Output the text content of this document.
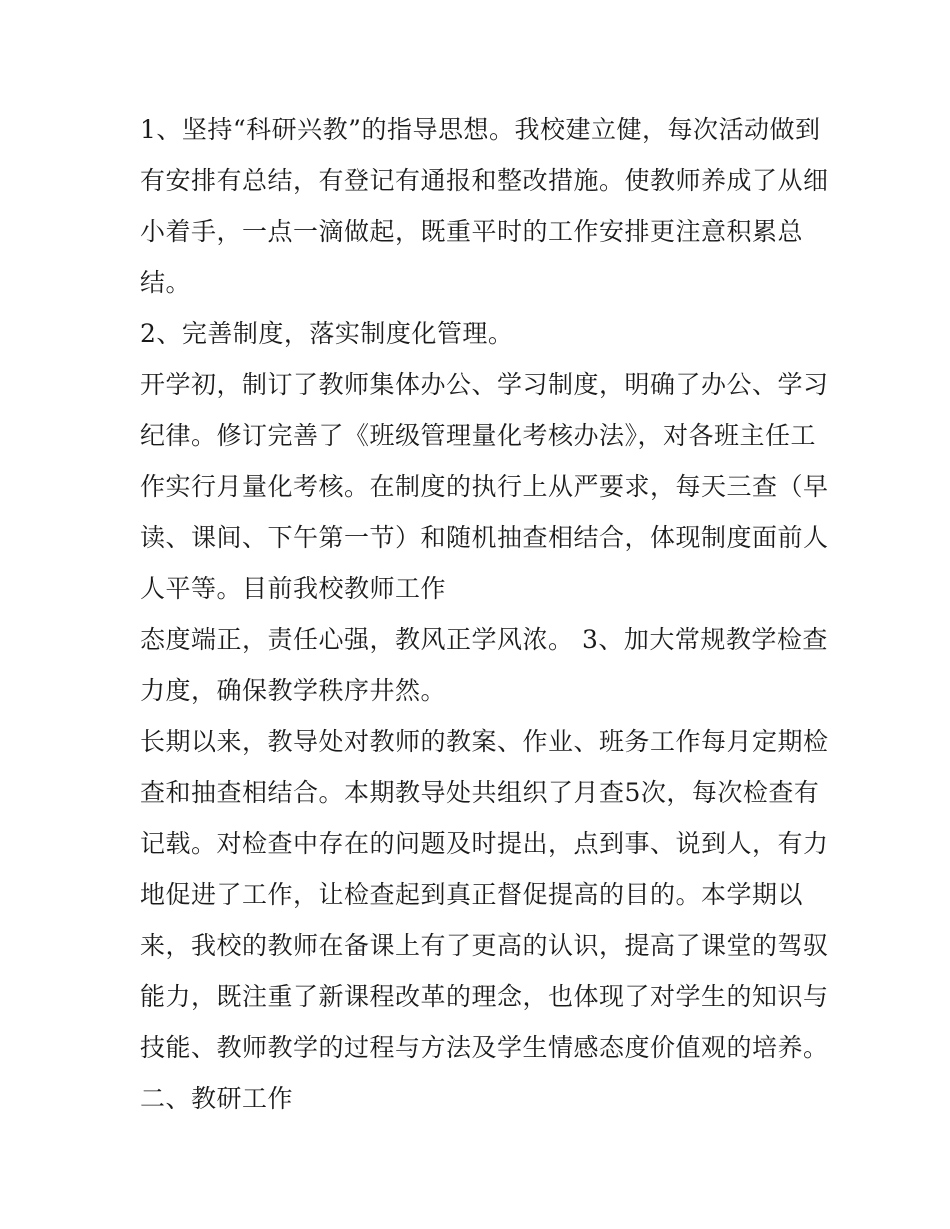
1、坚持“科研兴教”的指导思想。我校建立健，每次活动做到
有安排有总结，有登记有通报和整改措施。使教师养成了从细
小着手，一点一滴做起，既重平时的工作安排更注意积累总
结。
2、完善制度，落实制度化管理。
开学初，制订了教师集体办公、学习制度，明确了办公、学习
纪律。修订完善了《班级管理量化考核办法》，对各班主任工
作实行月量化考核。在制度的执行上从严要求，每天三查（早
读、课间、下午第一节）和随机抽查相结合，体现制度面前人
人平等。目前我校教师工作
态度端正，责任心强，教风正学风浓。 3、加大常规教学检查
力度，确保教学秩序井然。
长期以来，教导处对教师的教案、作业、班务工作每月定期检
查和抽查相结合。本期教导处共组织了月查5次，每次检查有
记载。对检查中存在的问题及时提出，点到事、说到人，有力
地促进了工作，让检查起到真正督促提高的目的。本学期以
来，我校的教师在备课上有了更高的认识，提高了课堂的驾驭
能力，既注重了新课程改革的理念，也体现了对学生的知识与
技能、教师教学的过程与方法及学生情感态度价值观的培养。
二、教研工作
